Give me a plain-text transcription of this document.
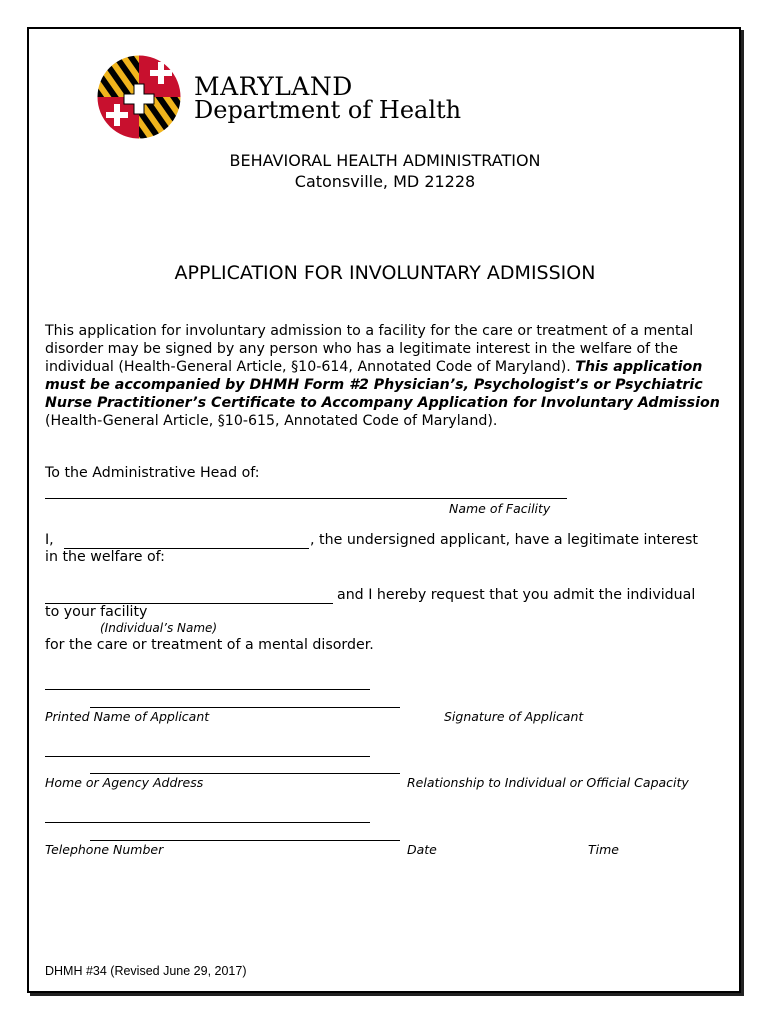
MARYLAND
Department of Health
BEHAVIORAL HEALTH ADMINISTRATION
Catonsville, MD 21228
APPLICATION FOR INVOLUNTARY ADMISSION
This application for involuntary admission to a facility for the care or treatment of a mental disorder may be signed by any person who has a legitimate interest in the welfare of the individual (Health-General Article, §10-614, Annotated Code of Maryland). This application must be accompanied by DHMH Form #2 Physician’s, Psychologist’s or Psychiatric Nurse Practitioner’s Certificate to Accompany Application for Involuntary Admission (Health-General Article, §10-615, Annotated Code of Maryland).
To the Administrative Head of:
Name of Facility
I,	, the undersigned applicant, have a legitimate interest
in the welfare of:
and I hereby request that you admit the individual
to your facility
(Individual’s Name)
for the care or treatment of a mental disorder.
Printed Name of Applicant	Signature of Applicant
Home or Agency Address	Relationship to Individual or Official Capacity
Telephone Number	Date	Time
DHMH #34 (Revised June 29, 2017)
